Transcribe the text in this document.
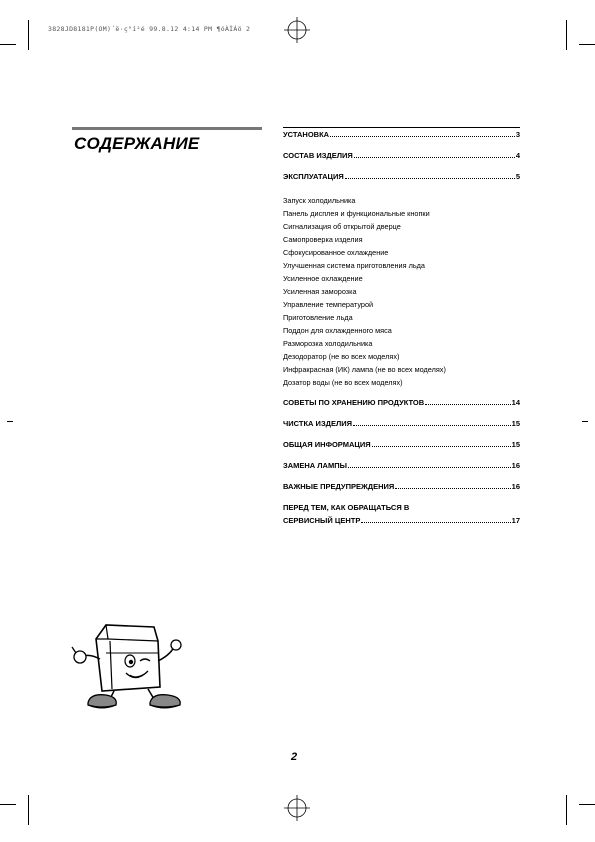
3828JD8181P(OM)´ë·ç°í²é 99.8.12 4:14 PM ¶óÀÌÁö 2
СОДЕРЖАНИЕ	УСТАНОВКА	3
СОСТАВ ИЗДЕЛИЯ	4
ЭКСПЛУАТАЦИЯ	5
Запуск холодильника
Панель дисплея и функциональные кнопки
Сигнализация об открытой дверце
Самопроверка изделия
Сфокусированное охлаждение
Улучшенная система приготовления льда
Усиленное охлаждение
Усиленная заморозка
Управление температурой
Приготовление льда
Поддон для охлажденного мяса
Разморозка холодильника
Дезодоратор (не во всех моделях)
Инфракрасная (ИК) лампа (не во всех моделях)
Дозатор воды (не во всех моделях)
СОВЕТЫ ПО ХРАНЕНИЮ ПРОДУКТОВ	14
ЧИСТКА ИЗДЕЛИЯ	15
ОБЩАЯ ИНФОРМАЦИЯ	15
ЗАМЕНА ЛАМПЫ	16
ВАЖНЫЕ ПРЕДУПРЕЖДЕНИЯ	16
ПЕРЕД ТЕМ, КАК ОБРАЩАТЬСЯ В
СЕРВИСНЫЙ ЦЕНТР	17
2
